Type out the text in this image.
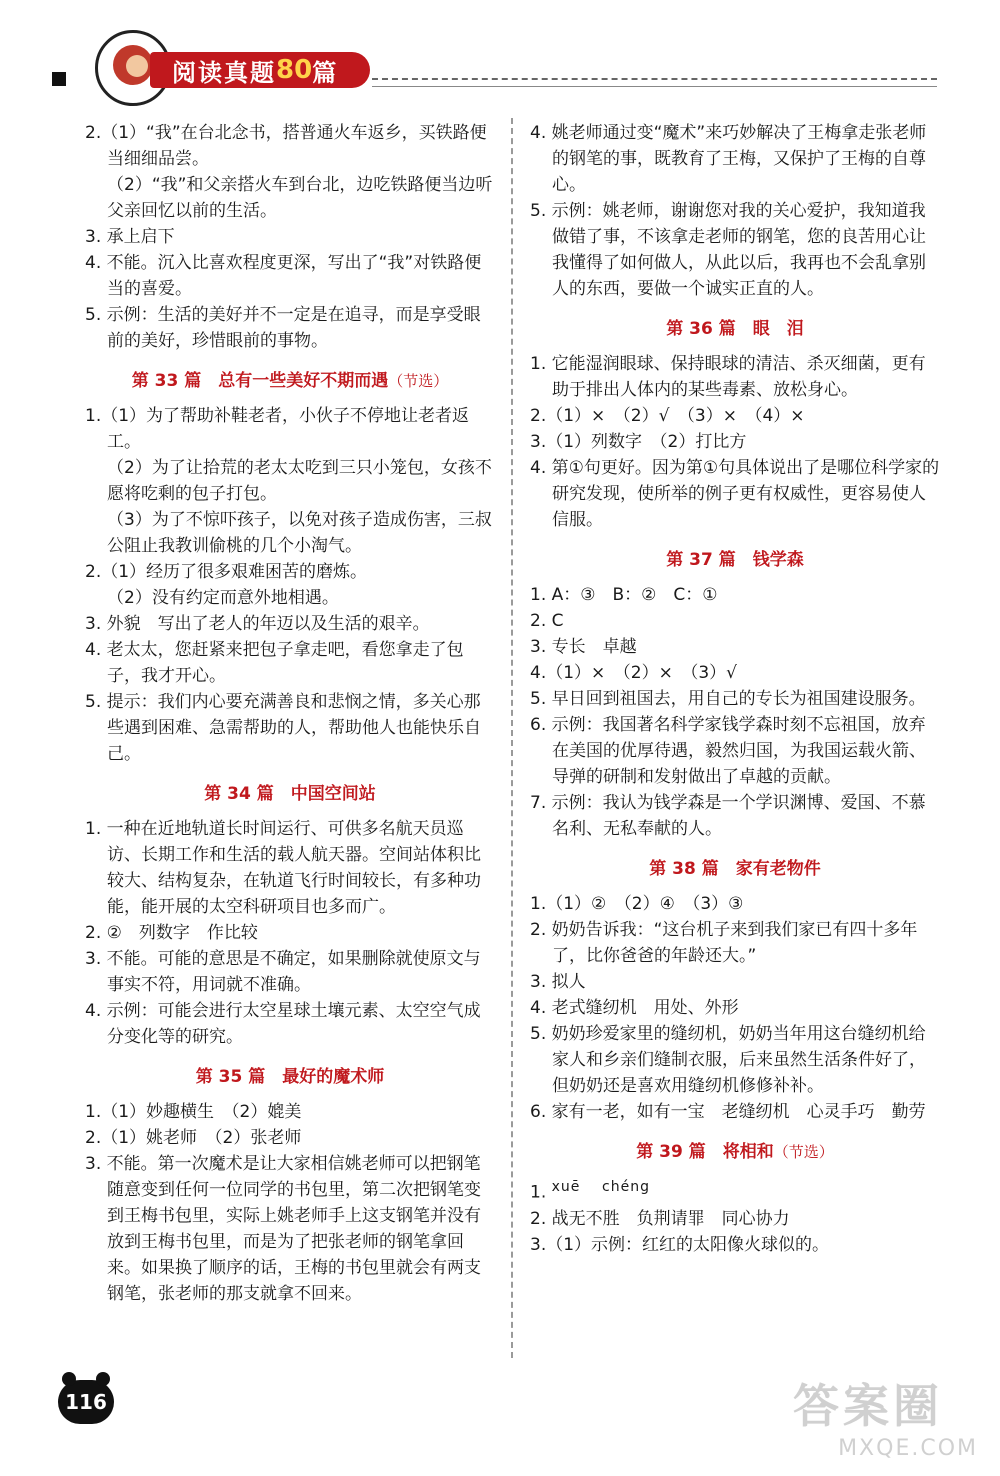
阅读真题 80 篇

2.（1）“我”在台北念书，搭普通火车返乡，买铁路便当细细品尝。

（2）“我”和父亲搭火车到台北，边吃铁路便当边听父亲回忆以前的生活。

3. 承上启下

4. 不能。沉入比喜欢程度更深，写出了“我”对铁路便当的喜爱。

5. 示例：生活的美好并不一定是在追寻，而是享受眼前的美好，珍惜眼前的事物。

第 33 篇　总有一些美好不期而遇（节选）

1.（1）为了帮助补鞋老者，小伙子不停地让老者返工。

（2）为了让拾荒的老太太吃到三只小笼包，女孩不愿将吃剩的包子打包。

（3）为了不惊吓孩子，以免对孩子造成伤害，三叔公阻止我教训偷桃的几个小淘气。

2.（1）经历了很多艰难困苦的磨炼。

（2）没有约定而意外地相遇。

3. 外貌　写出了老人的年迈以及生活的艰辛。

4. 老太太，您赶紧来把包子拿走吧，看您拿走了包子，我才开心。

5. 提示：我们内心要充满善良和悲悯之情，多关心那些遇到困难、急需帮助的人，帮助他人也能快乐自己。

第 34 篇　中国空间站

1. 一种在近地轨道长时间运行、可供多名航天员巡访、长期工作和生活的载人航天器。空间站体积比较大、结构复杂，在轨道飞行时间较长，有多种功能，能开展的太空科研项目也多而广。

2. ②　列数字　作比较

3. 不能。可能的意思是不确定，如果删除就使原文与事实不符，用词就不准确。

4. 示例：可能会进行太空星球土壤元素、太空空气成分变化等的研究。

第 35 篇　最好的魔术师

1.（1）妙趣横生　（2）媲美

2.（1）姚老师　（2）张老师

3. 不能。第一次魔术是让大家相信姚老师可以把钢笔随意变到任何一位同学的书包里，第二次把钢笔变到王梅书包里，实际上姚老师手上这支钢笔并没有放到王梅书包里，而是为了把张老师的钢笔拿回来。如果换了顺序的话，王梅的书包里就会有两支钢笔，张老师的那支就拿不回来。

4. 姚老师通过变“魔术”来巧妙解决了王梅拿走张老师的钢笔的事，既教育了王梅，又保护了王梅的自尊心。

5. 示例：姚老师，谢谢您对我的关心爱护，我知道我做错了事，不该拿走老师的钢笔，您的良苦用心让我懂得了如何做人，从此以后，我再也不会乱拿别人的东西，要做一个诚实正直的人。

第 36 篇　眼　泪

1. 它能湿润眼球、保持眼球的清洁、杀灭细菌，更有助于排出人体内的某些毒素、放松身心。

2.（1）×　（2）√　（3）×　（4）×

3.（1）列数字　（2）打比方

4. 第①句更好。因为第①句具体说出了是哪位科学家的研究发现，使所举的例子更有权威性，更容易使人信服。

第 37 篇　钱学森

1. A：③　B：②　C：①

2. C

3. 专长　卓越

4.（1）×　（2）×　（3）√

5. 早日回到祖国去，用自己的专长为祖国建设服务。

6. 示例：我国著名科学家钱学森时刻不忘祖国，放弃在美国的优厚待遇，毅然归国，为我国运载火箭、导弹的研制和发射做出了卓越的贡献。

7. 示例：我认为钱学森是一个学识渊博、爱国、不慕名利、无私奉献的人。

第 38 篇　家有老物件

1.（1）②　（2）④　（3）③

2. 奶奶告诉我：“这台机子来到我们家已有四十多年了，比你爸爸的年龄还大。”

3. 拟人

4. 老式缝纫机　用处、外形

5. 奶奶珍爱家里的缝纫机，奶奶当年用这台缝纫机给家人和乡亲们缝制衣服，后来虽然生活条件好了，但奶奶还是喜欢用缝纫机修修补补。

6. 家有一老，如有一宝　老缝纫机　心灵手巧　勤劳

第 39 篇　将相和（节选）

1. $^{xuē}$ $^{chéng}$

2. 战无不胜　负荆请罪　同心协力

3.（1）示例：红红的太阳像火球似的。

116	答案圈
MXQE.COM
